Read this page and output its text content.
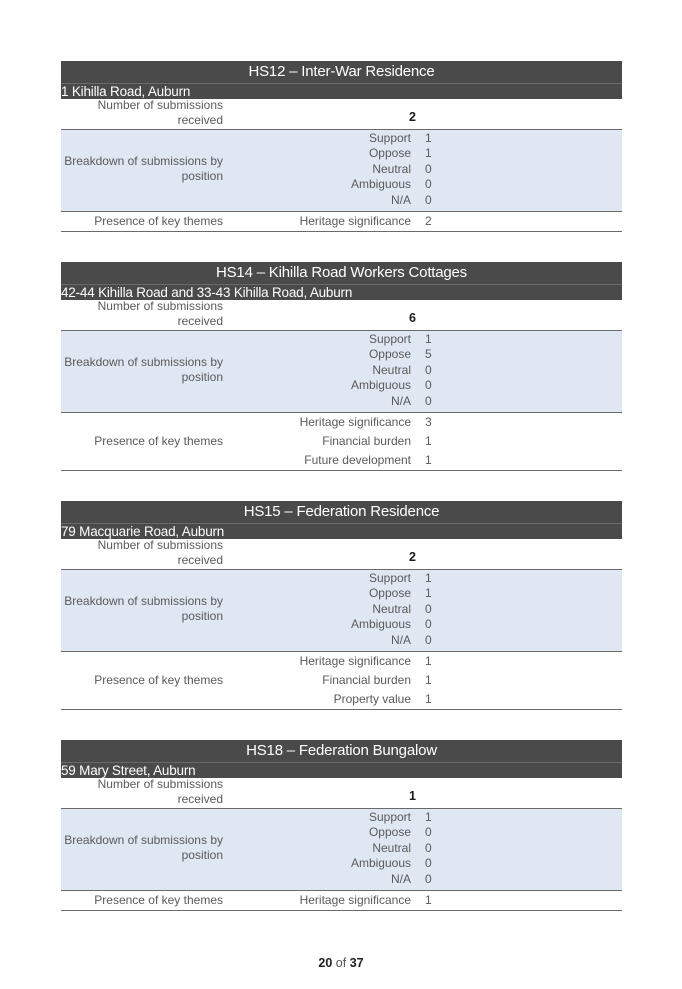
HS12 – Inter-War Residence
1 Kihilla Road, Auburn
Number of submissions received	2
Breakdown of submissions by position
Support	1
Oppose	1
Neutral	0
Ambiguous	0
N/A	0
Presence of key themes	Heritage significance	2
HS14 – Kihilla Road Workers Cottages
42-44 Kihilla Road and 33-43 Kihilla Road, Auburn
Number of submissions received	6
Breakdown of submissions by position
Support	1
Oppose	5
Neutral	0
Ambiguous	0
N/A	0
Presence of key themes
Heritage significance	3
Financial burden	1
Future development	1
HS15 – Federation Residence
79 Macquarie Road, Auburn
Number of submissions received	2
Breakdown of submissions by position
Support	1
Oppose	1
Neutral	0
Ambiguous	0
N/A	0
Presence of key themes
Heritage significance	1
Financial burden	1
Property value	1
HS18 – Federation Bungalow
59 Mary Street, Auburn
Number of submissions received	1
Breakdown of submissions by position
Support	1
Oppose	0
Neutral	0
Ambiguous	0
N/A	0
Presence of key themes	Heritage significance	1
20 of 37
